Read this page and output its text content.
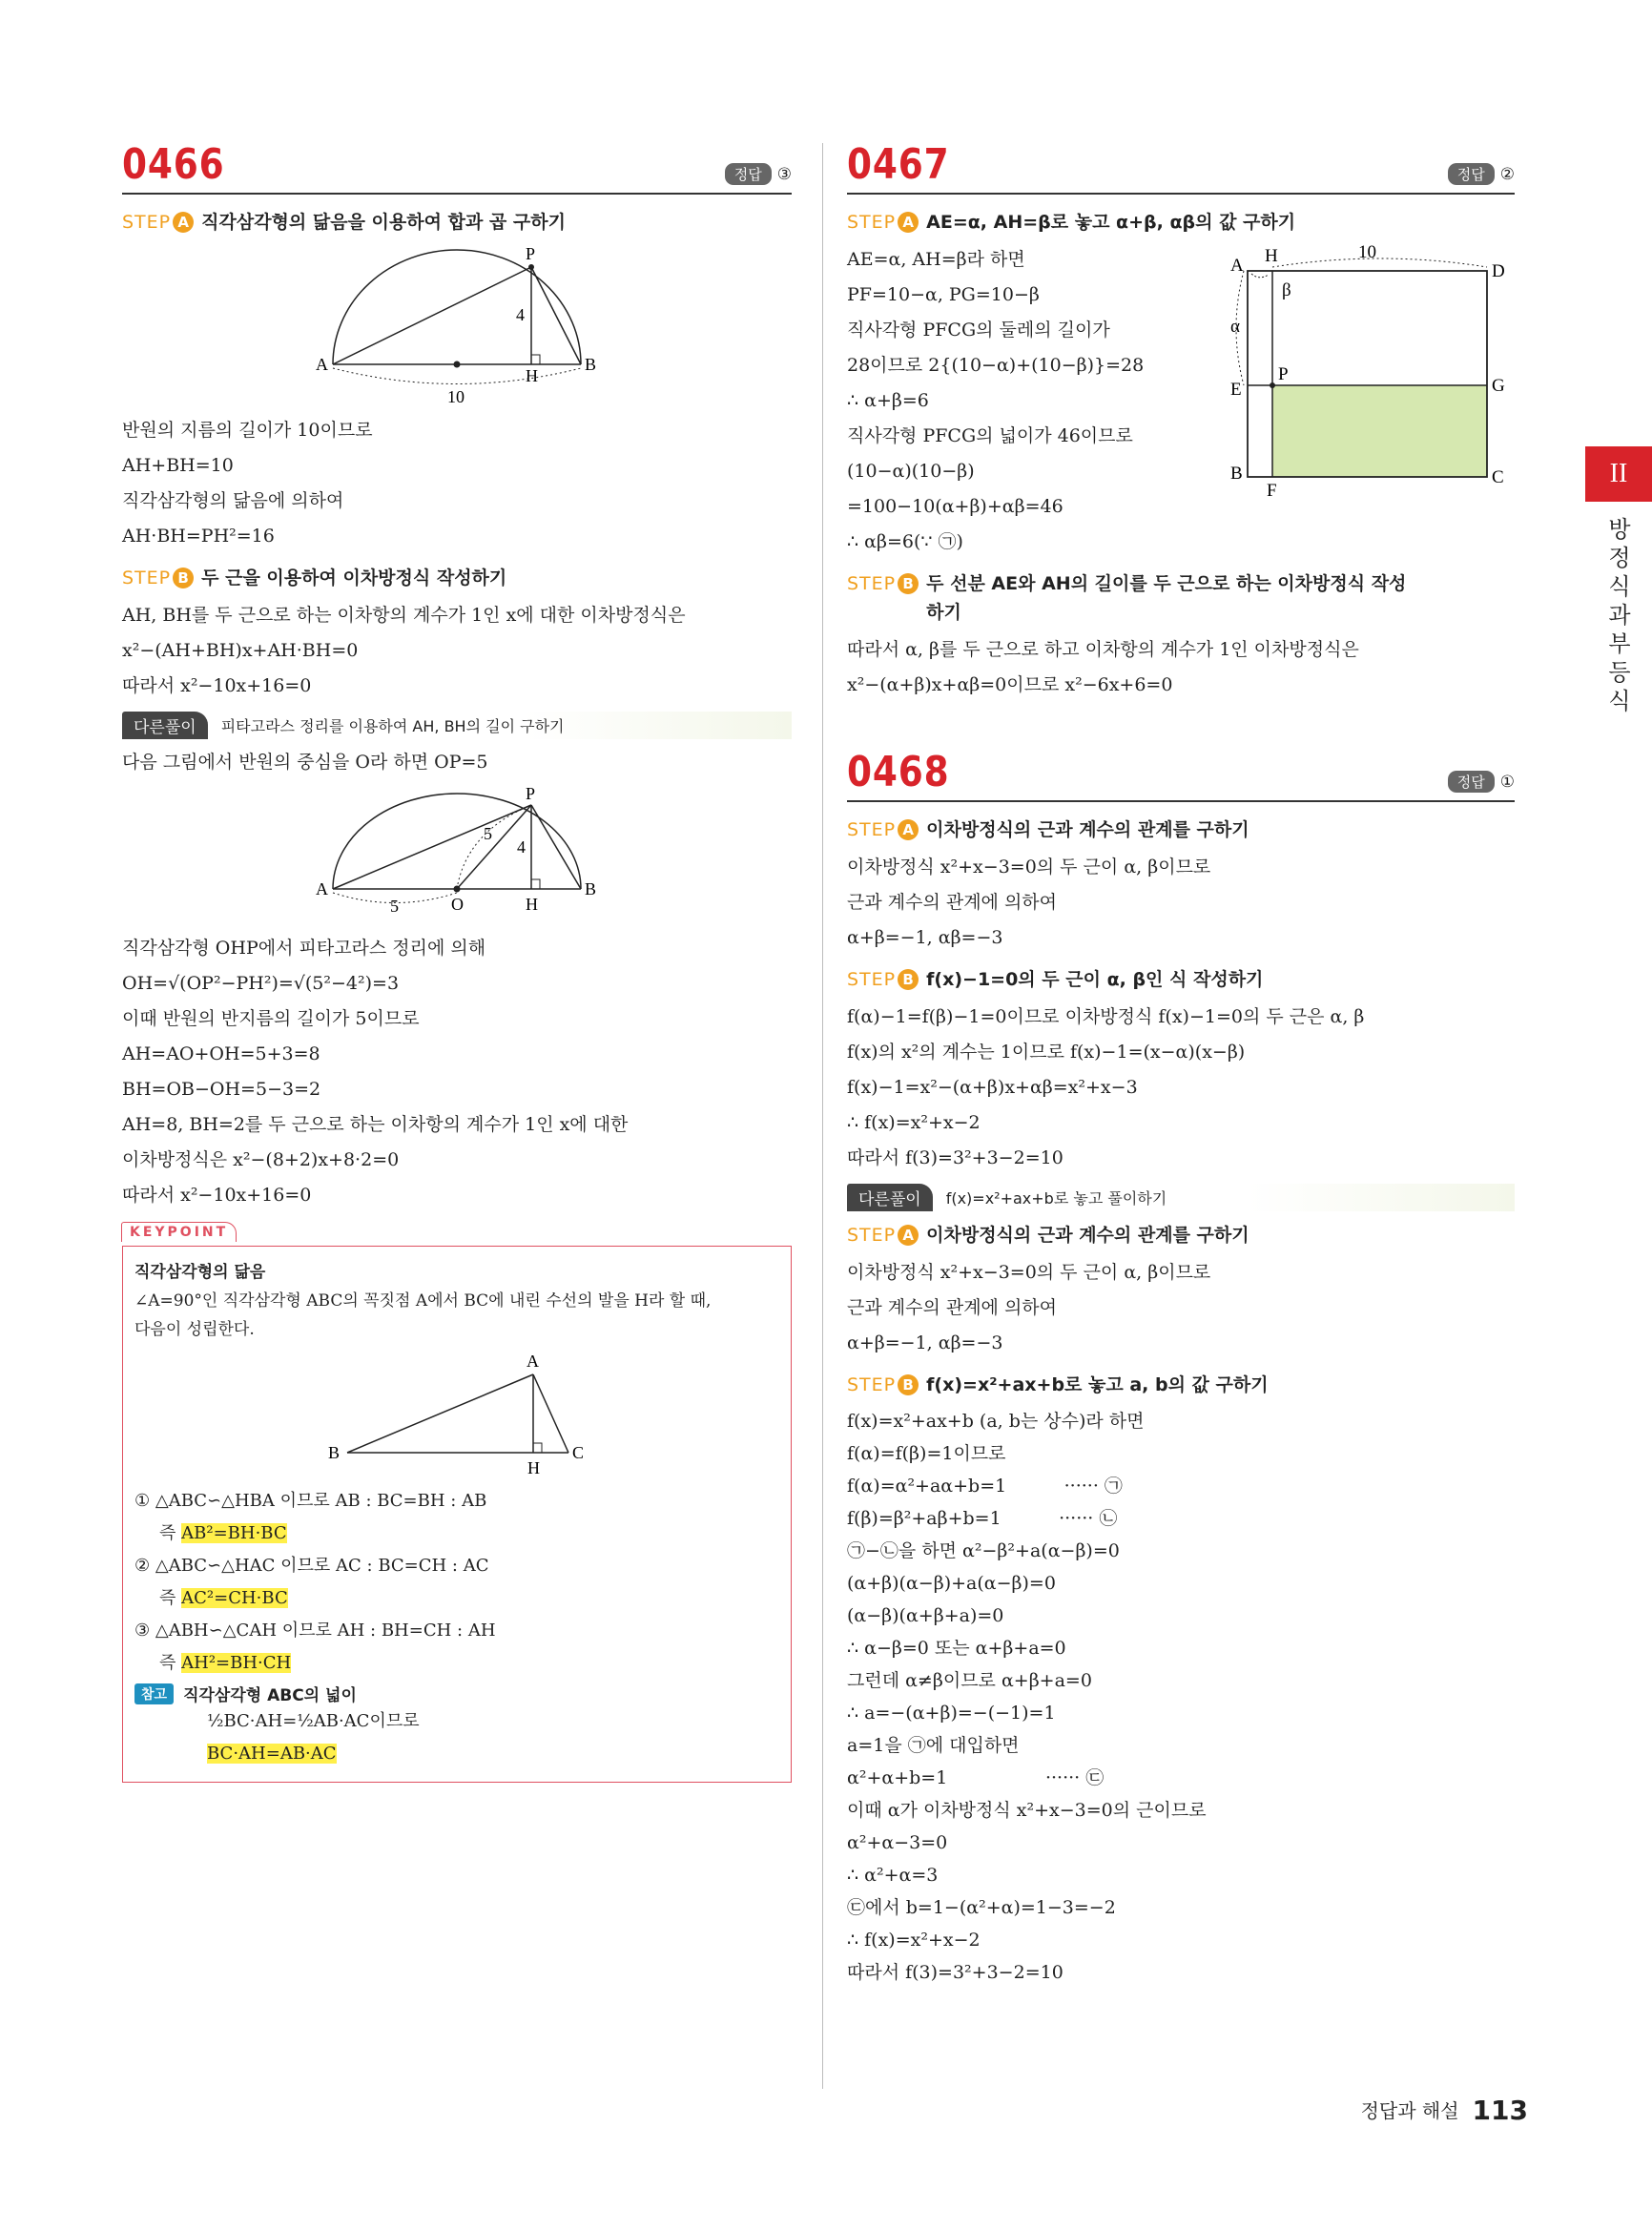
0466	정답 ③
STEP A 직각삼각형의 닮음을 이용하여 합과 곱 구하기
P
A
H
B
4
10
반원의 지름의 길이가 10이므로
AH+BH=10
직각삼각형의 닮음에 의하여
AH·BH=PH²=16
STEP B 두 근을 이용하여 이차방정식 작성하기
AH, BH를 두 근으로 하는 이차항의 계수가 1인 x에 대한 이차방정식은
x²−(AH+BH)x+AH·BH=0
따라서 x²−10x+16=0
다른풀이	피타고라스 정리를 이용하여 AH, BH의 길이 구하기
다음 그림에서 반원의 중심을 O라 하면 OP=5
P
A
O	H
B
5
5
4
직각삼각형 OHP에서 피타고라스 정리에 의해
OH=√(OP²−PH²)=√(5²−4²)=3
이때 반원의 반지름의 길이가 5이므로
AH=AO+OH=5+3=8
BH=OB−OH=5−3=2
AH=8, BH=2를 두 근으로 하는 이차항의 계수가 1인 x에 대한
이차방정식은 x²−(8+2)x+8·2=0
따라서 x²−10x+16=0
KEYPOINT
직각삼각형의 닮음
∠A=90°인 직각삼각형 ABC의 꼭짓점 A에서 BC에 내린 수선의 발을 H라 할 때,
다음이 성립한다.
A
B
H
C
① △ABC∽△HBA 이므로 AB : BC=BH : AB
즉 AB²=BH·BC
② △ABC∽△HAC 이므로 AC : BC=CH : AC
즉 AC²=CH·BC
③ △ABH∽△CAH 이므로 AH : BH=CH : AH
즉 AH²=BH·CH
참고	직각삼각형 ABC의 넓이
½BC·AH=½AB·AC이므로
BC·AH=AB·AC
0467	정답 ②
STEP A AE=α, AH=β로 놓고 α+β, αβ의 값 구하기
AE=α, AH=β라 하면
PF=10−α, PG=10−β
직사각형 PFCG의 둘레의 길이가
28이므로 2{(10−α)+(10−β)}=28
∴ α+β=6
직사각형 PFCG의 넓이가 46이므로
(10−α)(10−β)
=100−10(α+β)+αβ=46
∴ αβ=6(∵ ㉠)
A H	10
D
β
α
P
E	G
B
F
C
STEP B 두 선분 AE와 AH의 길이를 두 근으로 하는 이차방정식 작성
하기
따라서 α, β를 두 근으로 하고 이차항의 계수가 1인 이차방정식은
x²−(α+β)x+αβ=0이므로 x²−6x+6=0
0468	정답 ①
STEP A 이차방정식의 근과 계수의 관계를 구하기
이차방정식 x²+x−3=0의 두 근이 α, β이므로
근과 계수의 관계에 의하여
α+β=−1, αβ=−3
STEP B f(x)−1=0의 두 근이 α, β인 식 작성하기
f(α)−1=f(β)−1=0이므로 이차방정식 f(x)−1=0의 두 근은 α, β
f(x)의 x²의 계수는 1이므로 f(x)−1=(x−α)(x−β)
f(x)−1=x²−(α+β)x+αβ=x²+x−3
∴ f(x)=x²+x−2
따라서 f(3)=3²+3−2=10
다른풀이	f(x)=x²+ax+b로 놓고 풀이하기
STEP A 이차방정식의 근과 계수의 관계를 구하기
이차방정식 x²+x−3=0의 두 근이 α, β이므로
근과 계수의 관계에 의하여
α+β=−1, αβ=−3
STEP B f(x)=x²+ax+b로 놓고 a, b의 값 구하기
f(x)=x²+ax+b (a, b는 상수)라 하면
f(α)=f(β)=1이므로
f(α)=α²+aα+b=1          ······ ㉠
f(β)=β²+aβ+b=1          ······ ㉡
㉠−㉡을 하면 α²−β²+a(α−β)=0
(α+β)(α−β)+a(α−β)=0
(α−β)(α+β+a)=0
∴ α−β=0 또는 α+β+a=0
그런데 α≠β이므로 α+β+a=0
∴ a=−(α+β)=−(−1)=1
a=1을 ㉠에 대입하면
α²+α+b=1                 ······ ㉢
이때 α가 이차방정식 x²+x−3=0의 근이므로
α²+α−3=0
∴ α²+α=3
㉢에서 b=1−(α²+α)=1−3=−2
∴ f(x)=x²+x−2
따라서 f(3)=3²+3−2=10
II
방정식과 부등식
정답과 해설 113
